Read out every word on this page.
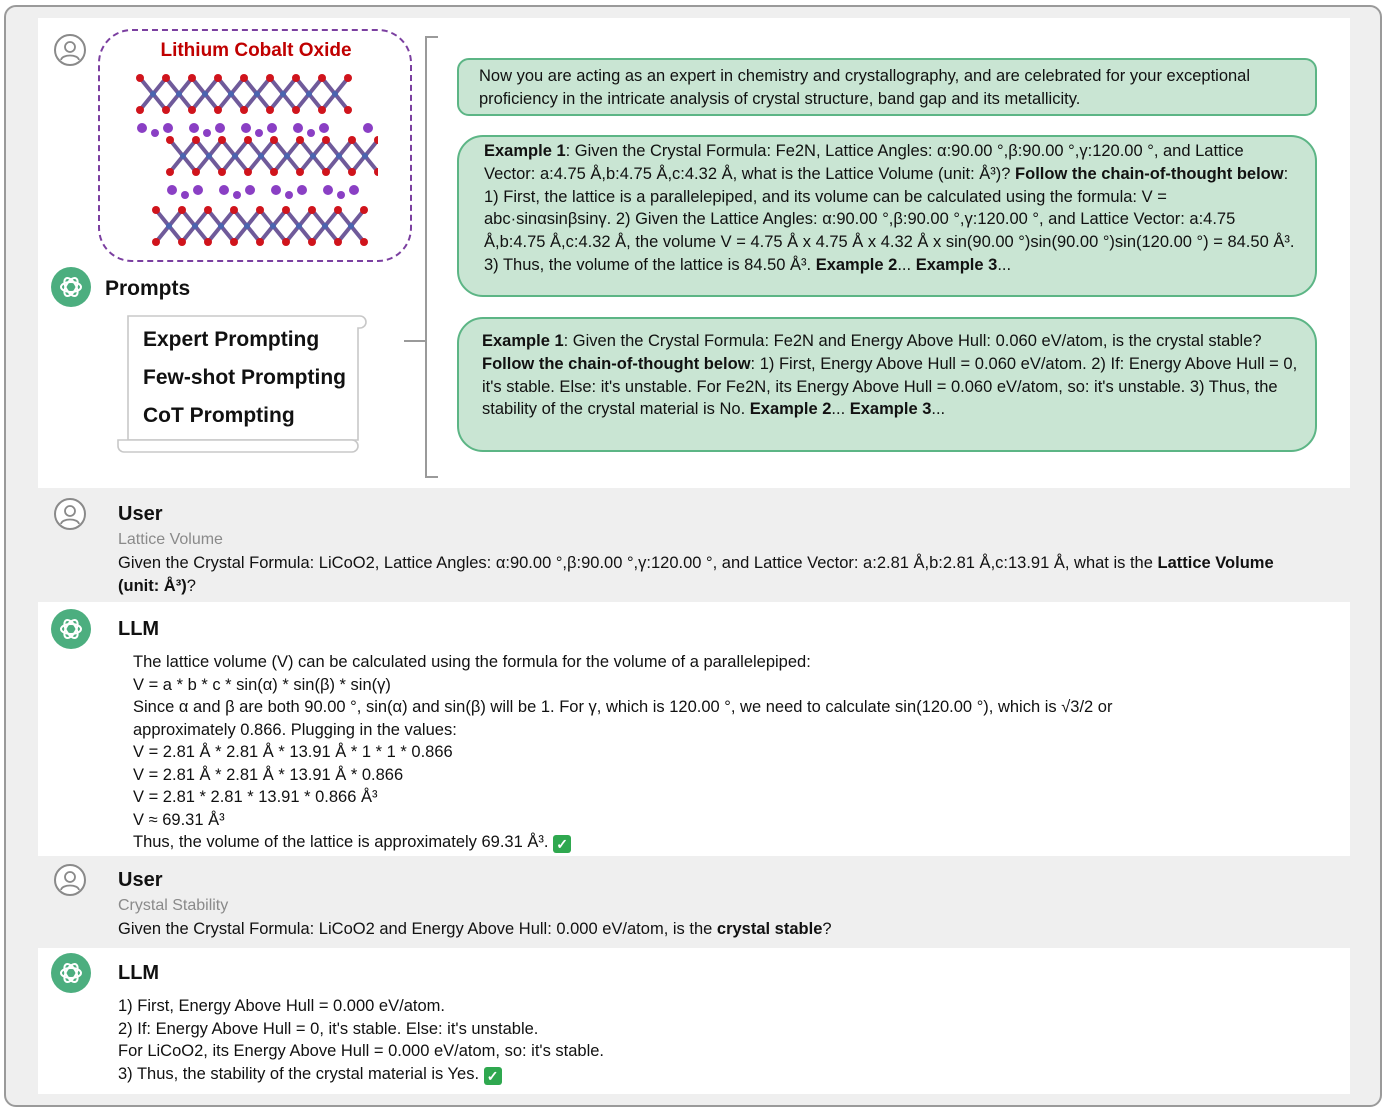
Lithium Cobalt Oxide
Prompts
Expert Prompting
Few-shot Prompting
CoT Prompting
Now you are acting as an expert in chemistry and crystallography, and are celebrated for your exceptional proficiency in the intricate analysis of crystal structure, band gap and its metallicity.
Example 1: Given the Crystal Formula: Fe2N, Lattice Angles: α:90.00 °,β:90.00 °,γ:120.00 °, and Lattice Vector: a:4.75 Å,b:4.75 Å,c:4.32 Å, what is the Lattice Volume (unit: Å³)? Follow the chain-of-thought below: 1) First, the lattice is a parallelepiped, and its volume can be calculated using the formula: V = abc·sinαsinβsinγ. 2) Given the Lattice Angles: α:90.00 °,β:90.00 °,γ:120.00 °, and Lattice Vector: a:4.75 Å,b:4.75 Å,c:4.32 Å, the volume V = 4.75 Å x 4.75 Å x 4.32 Å x sin(90.00 °)sin(90.00 °)sin(120.00 °) = 84.50 Å³. 3) Thus, the volume of the lattice is 84.50 Å³. Example 2... Example 3...
Example 1: Given the Crystal Formula: Fe2N and Energy Above Hull: 0.060 eV/atom, is the crystal stable? Follow the chain-of-thought below: 1) First, Energy Above Hull = 0.060 eV/atom. 2) If: Energy Above Hull = 0, it's stable. Else: it's unstable. For Fe2N, its Energy Above Hull = 0.060 eV/atom, so: it's unstable. 3) Thus, the stability of the crystal material is No. Example 2... Example 3...
User
Lattice Volume
Given the Crystal Formula: LiCoO2, Lattice Angles: α:90.00 °,β:90.00 °,γ:120.00 °, and Lattice Vector: a:2.81 Å,b:2.81 Å,c:13.91 Å, what is the Lattice Volume (unit: Å³)?
LLM
The lattice volume (V) can be calculated using the formula for the volume of a parallelepiped:
V = a * b * c * sin(α) * sin(β) * sin(γ)
Since α and β are both 90.00 °, sin(α) and sin(β) will be 1. For γ, which is 120.00 °, we need to calculate sin(120.00 °), which is √3/2 or
approximately 0.866. Plugging in the values:
V = 2.81 Å * 2.81 Å * 13.91 Å * 1 * 1 * 0.866
V = 2.81 Å * 2.81 Å * 13.91 Å * 0.866
V = 2.81 * 2.81 * 13.91 * 0.866 Å³
V ≈ 69.31 Å³
Thus, the volume of the lattice is approximately 69.31 Å³. ✓
User
Crystal Stability
Given the Crystal Formula: LiCoO2 and Energy Above Hull: 0.000 eV/atom, is the crystal stable?
LLM
1) First, Energy Above Hull = 0.000 eV/atom.
2) If: Energy Above Hull = 0, it's stable. Else: it's unstable.
For LiCoO2, its Energy Above Hull = 0.000 eV/atom, so: it's stable.
3) Thus, the stability of the crystal material is Yes. ✓
